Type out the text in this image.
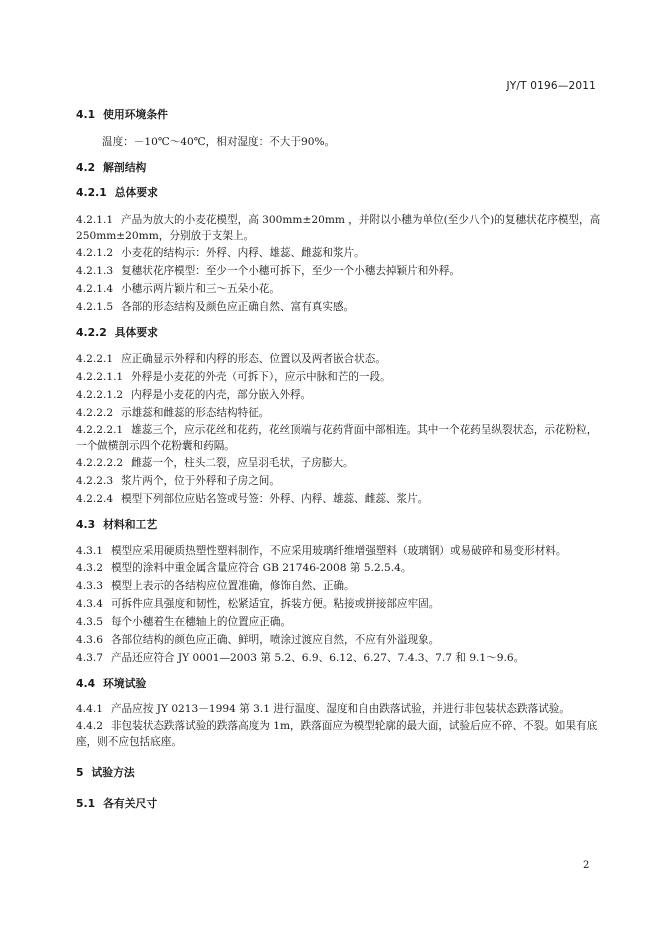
JY/T 0196—2011
4.1 使用环境条件
温度：－10℃～40℃，相对湿度：不大于90%。
4.2 解剖结构
4.2.1 总体要求
4.2.1.1 产品为放大的小麦花模型，高 300mm±20mm ，并附以小穗为单位(至少八个)的复穗状花序模型，高 250mm±20mm，分别放于支架上。
4.2.1.2 小麦花的结构示：外稃、内稃、雄蕊、雌蕊和浆片。
4.2.1.3 复穗状花序模型：至少一个小穗可拆下，至少一个小穗去掉颖片和外稃。
4.2.1.4 小穗示两片颖片和三～五朵小花。
4.2.1.5 各部的形态结构及颜色应正确自然、富有真实感。
4.2.2 具体要求
4.2.2.1 应正确显示外稃和内稃的形态、位置以及两者嵌合状态。
4.2.2.1.1 外稃是小麦花的外壳（可拆下），应示中脉和芒的一段。
4.2.2.1.2 内稃是小麦花的内壳，部分嵌入外稃。
4.2.2.2 示雄蕊和雌蕊的形态结构特征。
4.2.2.2.1 雄蕊三个，应示花丝和花药，花丝顶端与花药背面中部相连。其中一个花药呈纵裂状态，示花粉粒，一个做横剖示四个花粉囊和药隔。
4.2.2.2.2 雌蕊一个，柱头二裂，应呈羽毛状，子房膨大。
4.2.2.3 浆片两个，位于外稃和子房之间。
4.2.2.4 模型下列部位应贴名签或号签：外稃、内稃、雄蕊、雌蕊、浆片。
4.3 材料和工艺
4.3.1 模型应采用硬质热塑性塑料制作，不应采用玻璃纤维增强塑料（玻璃钢）或易破碎和易变形材料。
4.3.2 模型的涂料中重金属含量应符合 GB 21746-2008 第 5.2.5.4。
4.3.3 模型上表示的各结构应位置准确，修饰自然、正确。
4.3.4 可拆件应具强度和韧性，松紧适宜，拆装方便。粘接或拼接部应牢固。
4.3.5 每个小穗着生在穗轴上的位置应正确。
4.3.6 各部位结构的颜色应正确、鲜明，喷涂过渡应自然，不应有外溢现象。
4.3.7 产品还应符合 JY 0001—2003 第 5.2、6.9、6.12、6.27、7.4.3、7.7 和 9.1～9.6。
4.4 环境试验
4.4.1 产品应按 JY 0213－1994 第 3.1 进行温度、湿度和自由跌落试验，并进行非包装状态跌落试验。
4.4.2 非包装状态跌落试验的跌落高度为 1m，跌落面应为模型轮廓的最大面，试验后应不碎、不裂。如果有底座，则不应包括底座。
5 试验方法
5.1 各有关尺寸
2
